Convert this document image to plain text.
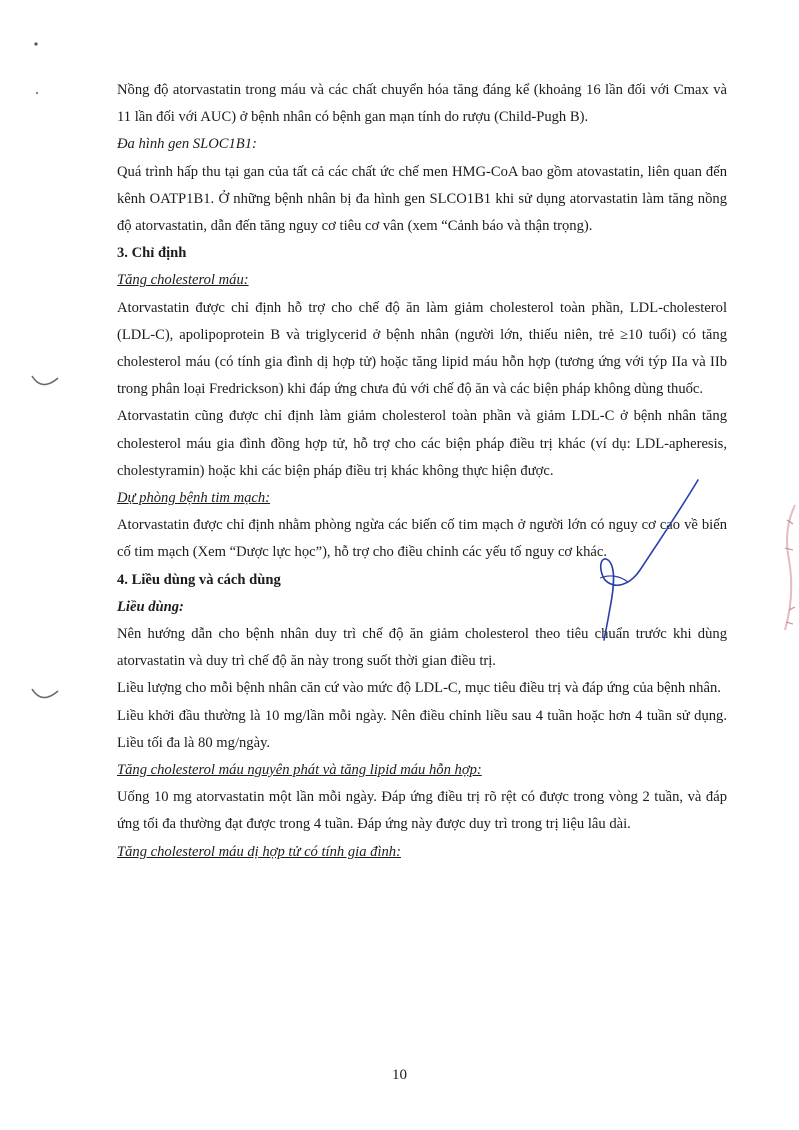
Nồng độ atorvastatin trong máu và các chất chuyển hóa tăng đáng kể (khoảng 16 lần đối với Cmax và 11 lần đối với AUC) ở bệnh nhân có bệnh gan mạn tính do rượu (Child-Pugh B).

Đa hình gen SLOC1B1:

Quá trình hấp thu tại gan của tất cả các chất ức chế men HMG-CoA bao gồm atovastatin, liên quan đến kênh OATP1B1. Ở những bệnh nhân bị đa hình gen SLCO1B1 khi sử dụng atorvastatin làm tăng nồng độ atorvastatin, dẫn đến tăng nguy cơ tiêu cơ vân (xem “Cảnh báo và thận trọng).

3. Chỉ định

Tăng cholesterol máu:

Atorvastatin được chỉ định hỗ trợ cho chế độ ăn làm giảm cholesterol toàn phần, LDL-cholesterol (LDL-C), apolipoprotein B và triglycerid ở bệnh nhân (người lớn, thiếu niên, trẻ ≥10 tuổi) có tăng cholesterol máu (có tính gia đình dị hợp tử) hoặc tăng lipid máu hỗn hợp (tương ứng với týp IIa và IIb trong phân loại Fredrickson) khi đáp ứng chưa đủ với chế độ ăn và các biện pháp không dùng thuốc.

Atorvastatin cũng được chỉ định làm giảm cholesterol toàn phần và giảm LDL-C ở bệnh nhân tăng cholesterol máu gia đình đồng hợp tử, hỗ trợ cho các biện pháp điều trị khác (ví dụ: LDL-apheresis, cholestyramin) hoặc khi các biện pháp điều trị khác không thực hiện được.

Dự phòng bệnh tim mạch:

Atorvastatin được chỉ định nhằm phòng ngừa các biến cố tim mạch ở người lớn có nguy cơ cao về biến cố tim mạch (Xem “Dược lực học”), hỗ trợ cho điều chỉnh các yếu tố nguy cơ khác.

4. Liều dùng và cách dùng

Liều dùng:

Nên hướng dẫn cho bệnh nhân duy trì chế độ ăn giảm cholesterol theo tiêu chuẩn trước khi dùng atorvastatin và duy trì chế độ ăn này trong suốt thời gian điều trị.

Liều lượng cho mỗi bệnh nhân căn cứ vào mức độ LDL-C, mục tiêu điều trị và đáp ứng của bệnh nhân.

Liều khởi đầu thường là 10 mg/lần mỗi ngày. Nên điều chỉnh liều sau 4 tuần hoặc hơn 4 tuần sử dụng. Liều tối đa là 80 mg/ngày.

Tăng cholesterol máu nguyên phát và tăng lipid máu hỗn hợp:

Uống 10 mg atorvastatin một lần mỗi ngày. Đáp ứng điều trị rõ rệt có được trong vòng 2 tuần, và đáp ứng tối đa thường đạt được trong 4 tuần. Đáp ứng này được duy trì trong trị liệu lâu dài.

Tăng cholesterol máu dị hợp tử có tính gia đình:

10
